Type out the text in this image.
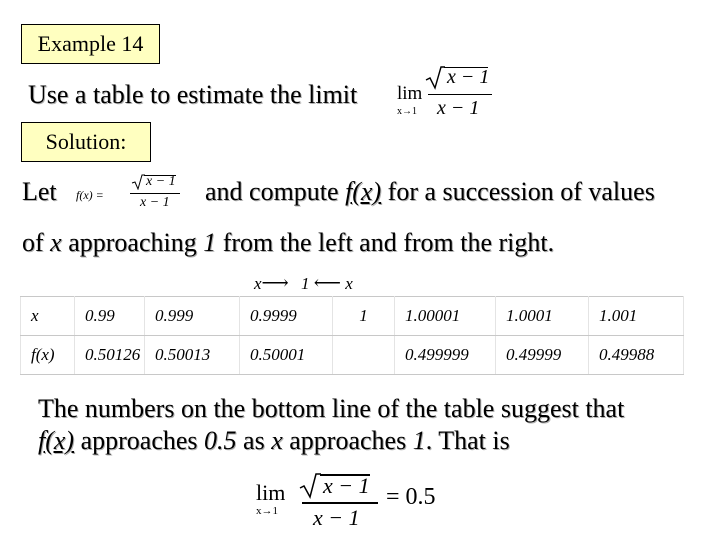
Example 14
Use a table to estimate the limit lim
x→1
x − 1
x − 1
Solution:
Let f(x) =
x − 1
x − 1 and compute f(x) for a succession of values
of x approaching 1 from the left and from the right.
x⟶ 1 ⟵ x
x	0.99	0.999	0.9999	1	1.00001	1.0001	1.001
f(x)	0.50126	0.50013	0.50001		0.499999	0.49999	0.49988
The numbers on the bottom line of the table suggest that
f(x) approaches 0.5 as x approaches 1. That is
lim
x→1
x − 1
x − 1
= 0.5
